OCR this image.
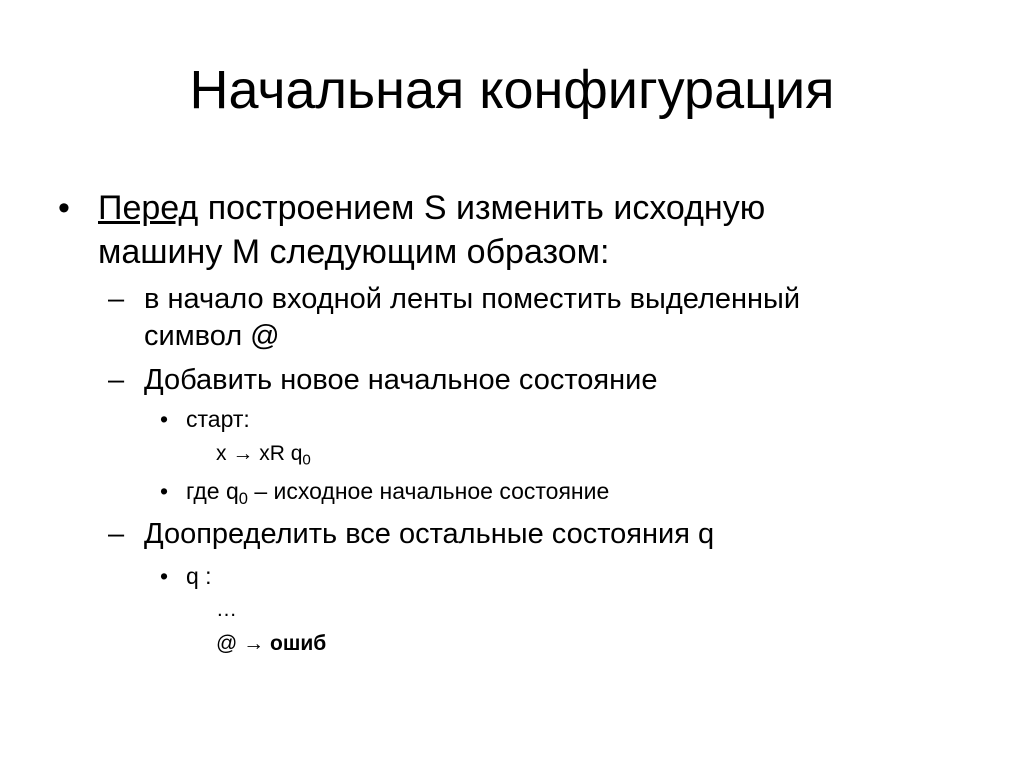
Начальная конфигурация
• Перед построением S изменить исходную
машину M следующим образом:
– в начало входной ленты поместить выделенный
символ @
– Добавить новое начальное состояние
• старт:
x → xR $q_0$
• где $q_0$ – исходное начальное состояние
– Доопределить все остальные состояния q
• q :
…
@ → ошиб
